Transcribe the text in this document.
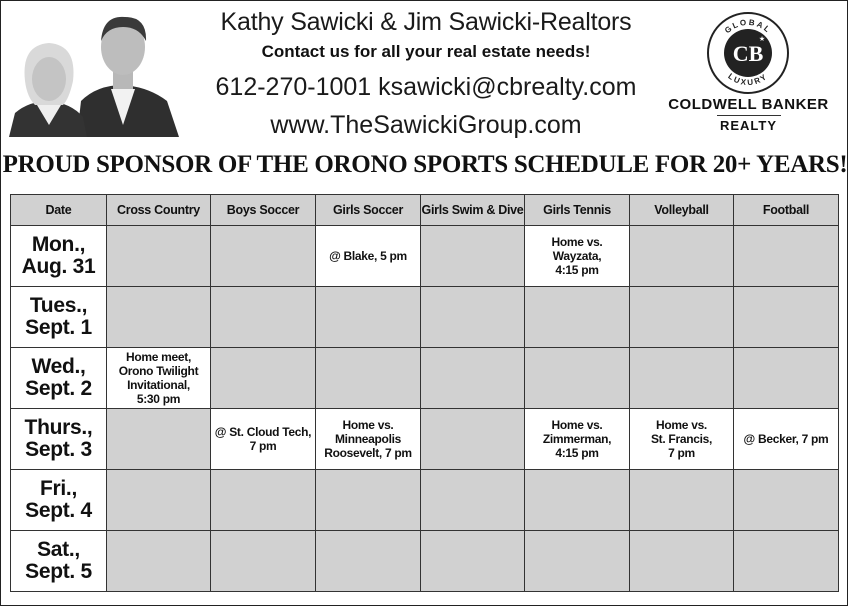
Kathy Sawicki & Jim Sawicki-Realtors
Contact us for all your real estate needs!
612-270-1001 ksawicki@cbrealty.com
www.TheSawickiGroup.com
GLOBAL
LUXURY
CB
★
COLDWELL BANKER
REALTY
PROUD SPONSOR OF THE ORONO SPORTS SCHEDULE FOR 20+ YEARS!
Date	Cross Country	Boys Soccer	Girls Soccer	Girls Swim & Dive	Girls Tennis	Volleyball	Football

Mon.,
Aug. 31			@ Blake, 5 pm		Home vs.
Wayzata,
4:15 pm		

Tues.,
Sept. 1							

Wed.,
Sept. 2	Home meet,
Orono Twilight
Invitational,
5:30 pm						

Thurs.,
Sept. 3		@ St. Cloud Tech,
7 pm	Home vs.
Minneapolis
Roosevelt, 7 pm		Home vs.
Zimmerman,
4:15 pm	Home vs.
St. Francis,
7 pm	@ Becker, 7 pm

Fri.,
Sept. 4							

Sat.,
Sept. 5							
